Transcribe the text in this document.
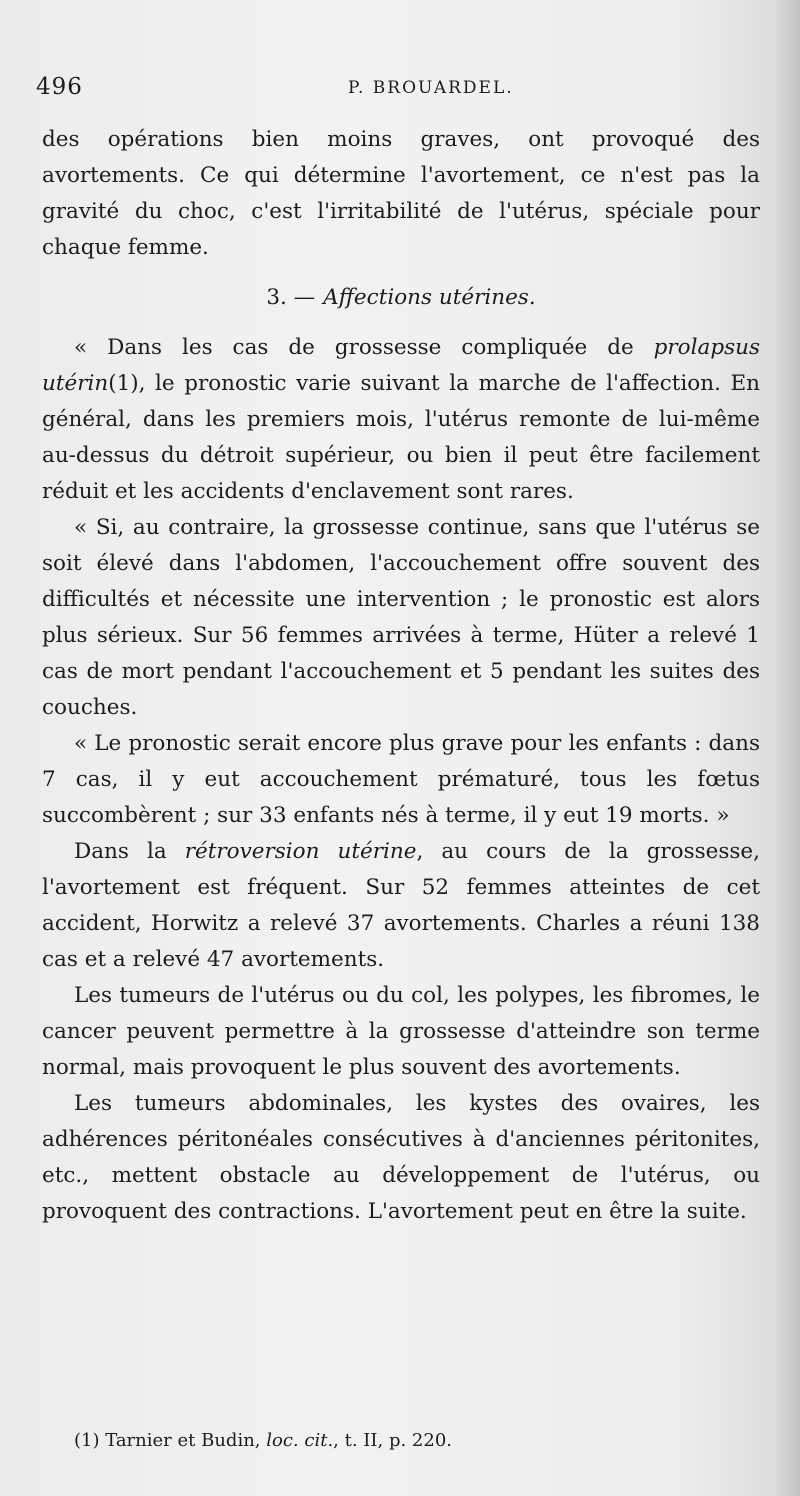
496	P. BROUARDEL.

des opérations bien moins graves, ont provoqué des avortements. Ce qui détermine l'avortement, ce n'est pas la gravité du choc, c'est l'irritabilité de l'utérus, spéciale pour chaque femme.

3. — Affections utérines.

« Dans les cas de grossesse compliquée de prolapsus utérin(1), le pronostic varie suivant la marche de l'affection. En général, dans les premiers mois, l'utérus remonte de lui-même au-dessus du détroit supérieur, ou bien il peut être facilement réduit et les accidents d'enclavement sont rares.

« Si, au contraire, la grossesse continue, sans que l'utérus se soit élevé dans l'abdomen, l'accouchement offre souvent des difficultés et nécessite une intervention ; le pronostic est alors plus sérieux. Sur 56 femmes arrivées à terme, Hüter a relevé 1 cas de mort pendant l'accouchement et 5 pendant les suites des couches.

« Le pronostic serait encore plus grave pour les enfants : dans 7 cas, il y eut accouchement prématuré, tous les fœtus succombèrent ; sur 33 enfants nés à terme, il y eut 19 morts. »

Dans la rétroversion utérine, au cours de la grossesse, l'avortement est fréquent. Sur 52 femmes atteintes de cet accident, Horwitz a relevé 37 avortements. Charles a réuni 138 cas et a relevé 47 avortements.

Les tumeurs de l'utérus ou du col, les polypes, les fibromes, le cancer peuvent permettre à la grossesse d'atteindre son terme normal, mais provoquent le plus souvent des avortements.

Les tumeurs abdominales, les kystes des ovaires, les adhérences péritonéales consécutives à d'anciennes péritonites, etc., mettent obstacle au développement de l'utérus, ou provoquent des contractions. L'avortement peut en être la suite.

(1) Tarnier et Budin, loc. cit., t. II, p. 220.
